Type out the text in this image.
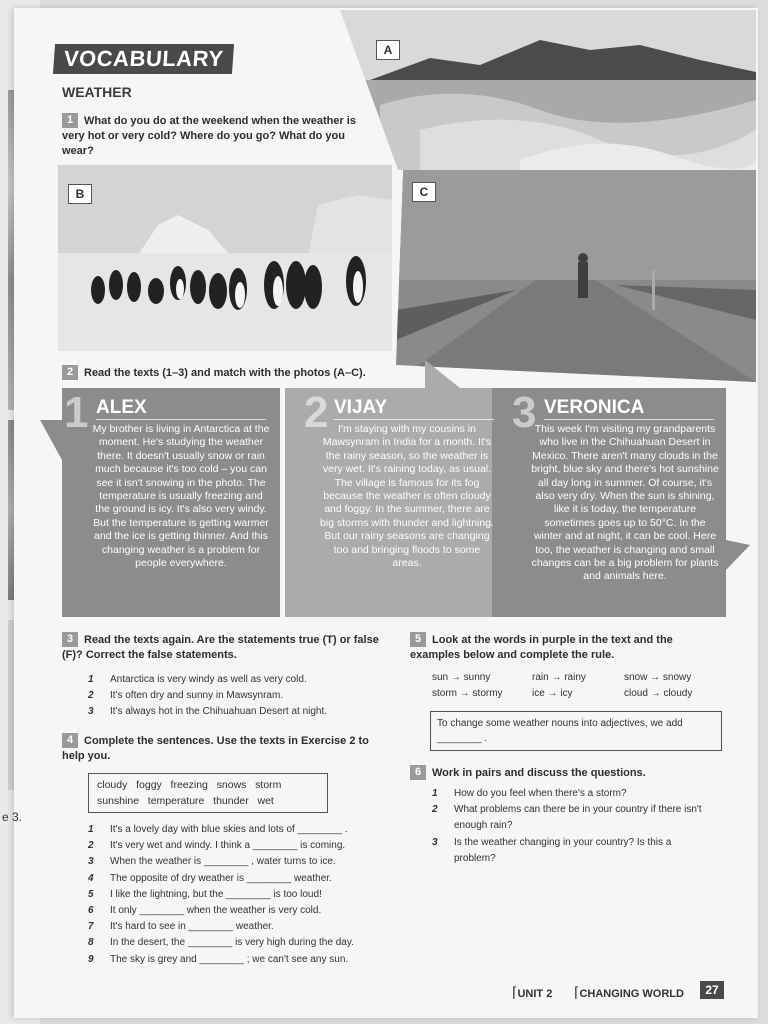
e 3.
VOCABULARY
WEATHER
1 What do you do at the weekend when the weather is very hot or very cold? Where do you go? What do you wear?
A
B	C
2 Read the texts (1–3) and match with the photos (A–C).
1 ALEX
My brother is living in Antarctica at the moment. He's studying the weather there. It doesn't usually snow or rain much because it's too cold – you can see it isn't snowing in the photo. The temperature is usually freezing and the ground is icy. It's also very windy. But the temperature is getting warmer and the ice is getting thinner. And this changing weather is a problem for people everywhere.
2 VIJAY
I'm staying with my cousins in Mawsynram in India for a month. It's the rainy season, so the weather is very wet. It's raining today, as usual. The village is famous for its fog because the weather is often cloudy and foggy. In the summer, there are big storms with thunder and lightning. But our rainy seasons are changing too and bringing floods to some areas.
3 VERONICA
This week I'm visiting my grandparents who live in the Chihuahuan Desert in Mexico. There aren't many clouds in the bright, blue sky and there's hot sunshine all day long in summer. Of course, it's also very dry. When the sun is shining, like it is today, the temperature sometimes goes up to 50°C. In the winter and at night, it can be cool. Here too, the weather is changing and small changes can be a big problem for plants and animals here.
3 Read the texts again. Are the statements true (T) or false (F)? Correct the false statements.
1	Antarctica is very windy as well as very cold.
2	It's often dry and sunny in Mawsynram.
3	It's always hot in the Chihuahuan Desert at night.
4 Complete the sentences. Use the texts in Exercise 2 to help you.
cloudy   foggy   freezing   snows   storm
sunshine   temperature   thunder   wet
1	It's a lovely day with blue skies and lots of ________ .
2	It's very wet and windy. I think a ________ is coming.
3	When the weather is ________ , water turns to ice.
4	The opposite of dry weather is ________ weather.
5	I like the lightning, but the ________ is too loud!
6	It only ________ when the weather is very cold.
7	It's hard to see in ________ weather.
8	In the desert, the ________ is very high during the day.
9	The sky is grey and ________ ; we can't see any sun.
5 Look at the words in purple in the text and the examples below and complete the rule.
sun → sunny	rain → rainy	snow → snowy
storm → stormy	ice → icy	cloud → cloudy
To change some weather nouns into adjectives, we add ________ .
6 Work in pairs and discuss the questions.
1	How do you feel when there's a storm?
2	What problems can there be in your country if there isn't enough rain?
3	Is the weather changing in your country? Is this a problem?
⌈UNIT 2 ⌈CHANGING WORLD	27
